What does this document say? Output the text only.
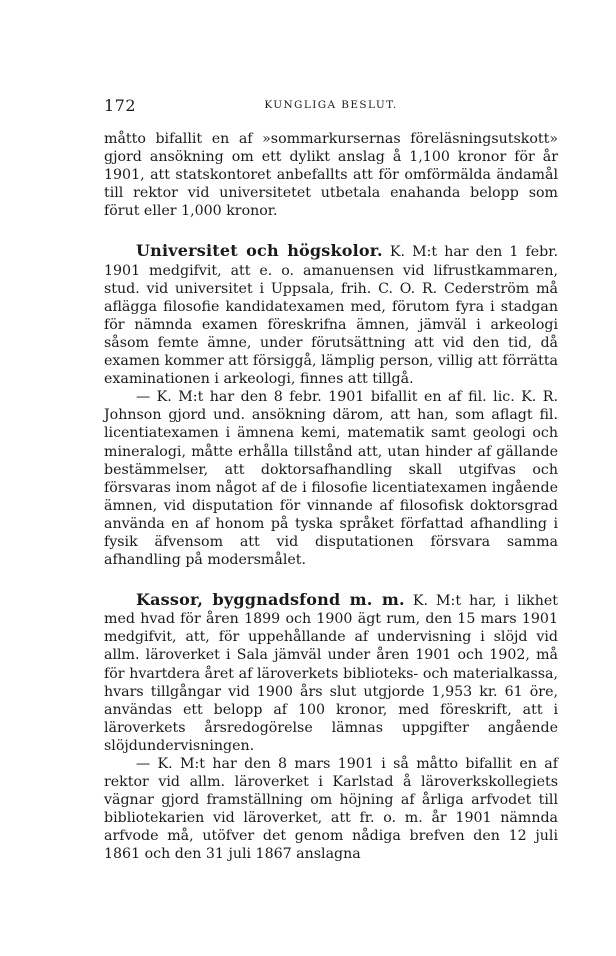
172	KUNGLIGA BESLUT.

måtto bifallit en af »sommarkursernas föreläsningsutskott» gjord ansökning om ett dylikt anslag å 1,100 kronor för år 1901, att statskontoret anbefallts att för omförmälda ändamål till rektor vid universitetet utbetala enahanda belopp som förut eller 1,000 kronor.

Universitet och högskolor. K. M:t har den 1 febr. 1901 medgifvit, att e. o. amanuensen vid lifrustkammaren, stud. vid universitet i Uppsala, frih. C. O. R. Cederström må aflägga filosofie kandidatexamen med, förutom fyra i stadgan för nämnda examen föreskrifna ämnen, jämväl i arkeologi såsom femte ämne, under förutsättning att vid den tid, då examen kommer att försiggå, lämplig person, villig att förrätta examinationen i arkeologi, finnes att tillgå.

— K. M:t har den 8 febr. 1901 bifallit en af fil. lic. K. R. Johnson gjord und. ansökning därom, att han, som aflagt fil. licentiatexamen i ämnena kemi, matematik samt geologi och mineralogi, måtte erhålla tillstånd att, utan hinder af gällande bestämmelser, att doktorsafhandling skall utgifvas och försvaras inom något af de i filosofie licentiatexamen ingående ämnen, vid disputation för vinnande af filosofisk doktorsgrad använda en af honom på tyska språket författad afhandling i fysik äfvensom att vid disputationen försvara samma afhandling på modersmålet.

Kassor, byggnadsfond m. m. K. M:t har, i likhet med hvad för åren 1899 och 1900 ägt rum, den 15 mars 1901 medgifvit, att, för uppehållande af undervisning i slöjd vid allm. läroverket i Sala jämväl under åren 1901 och 1902, må för hvartdera året af läroverkets biblioteks- och materialkassa, hvars tillgångar vid 1900 års slut utgjorde 1,953 kr. 61 öre, användas ett belopp af 100 kronor, med föreskrift, att i läroverkets årsredogörelse lämnas uppgifter angående slöjdundervisningen.

— K. M:t har den 8 mars 1901 i så måtto bifallit en af rektor vid allm. läroverket i Karlstad å läroverkskollegiets vägnar gjord framställning om höjning af årliga arfvodet till bibliotekarien vid läroverket, att fr. o. m. år 1901 nämnda arfvode må, utöfver det genom nådiga brefven den 12 juli 1861 och den 31 juli 1867 anslagna
